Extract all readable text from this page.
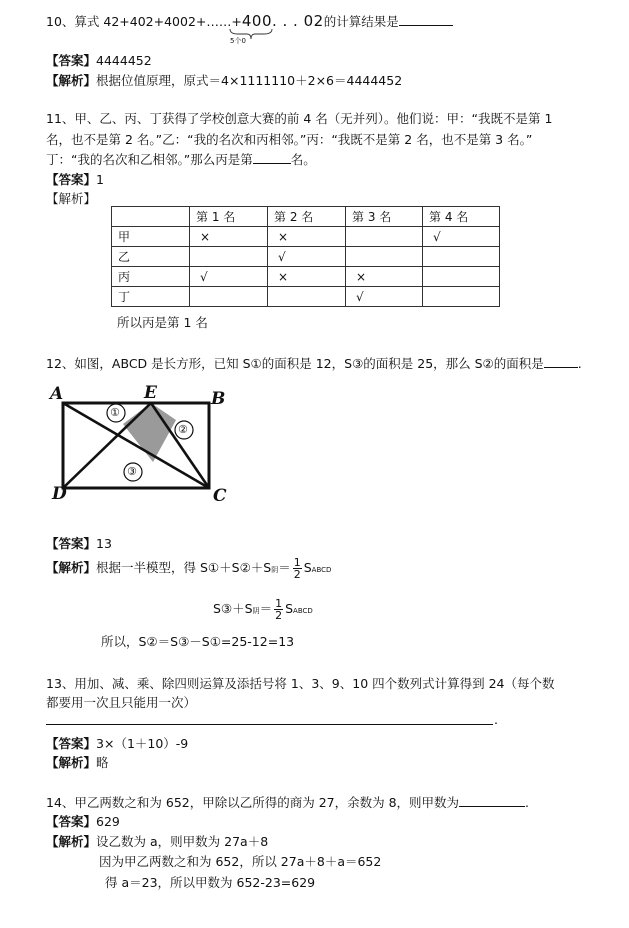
10、算式 42+402+4002+……+400. . . 02的计算结果是
5个0
【答案】4444452
【解析】根据位值原理，原式＝4×1111110＋2×6＝4444452
11、甲、乙、丙、丁获得了学校创意大赛的前 4 名（无并列）。他们说：甲：“我既不是第 1
名，也不是第 2 名。”乙：“我的名次和丙相邻。”丙：“我既不是第 2 名，也不是第 3 名。”
丁：“我的名次和乙相邻。”那么丙是第	名。
【答案】1
【解析】
	第 1 名	第 2 名	第 3 名	第 4 名
甲	×	×		√
乙		√		
丙	√	×	×	
丁			√	
所以丙是第 1 名
12、如图，ABCD 是长方形，已知 S①的面积是 12，S③的面积是 25，那么 S②的面积是	.
①
②
③
A	E	B
D	C
【答案】13
【解析】根据一半模型，得 S①＋S②＋S阴＝ $\frac{1}{2}$ SABCD
S③＋S阴＝ $\frac{1}{2}$ SABCD
所以，S②＝S③－S①=25-12=13
13、用加、减、乘、除四则运算及添括号将 1、3、9、10 四个数列式计算得到 24（每个数
都要用一次且只能用一次）
.
【答案】3×（1＋10）-9
【解析】略
14、甲乙两数之和为 652，甲除以乙所得的商为 27，余数为 8，则甲数为	.
【答案】629
【解析】设乙数为 a，则甲数为 27a＋8
因为甲乙两数之和为 652，所以 27a＋8＋a＝652
得 a＝23，所以甲数为 652-23=629
